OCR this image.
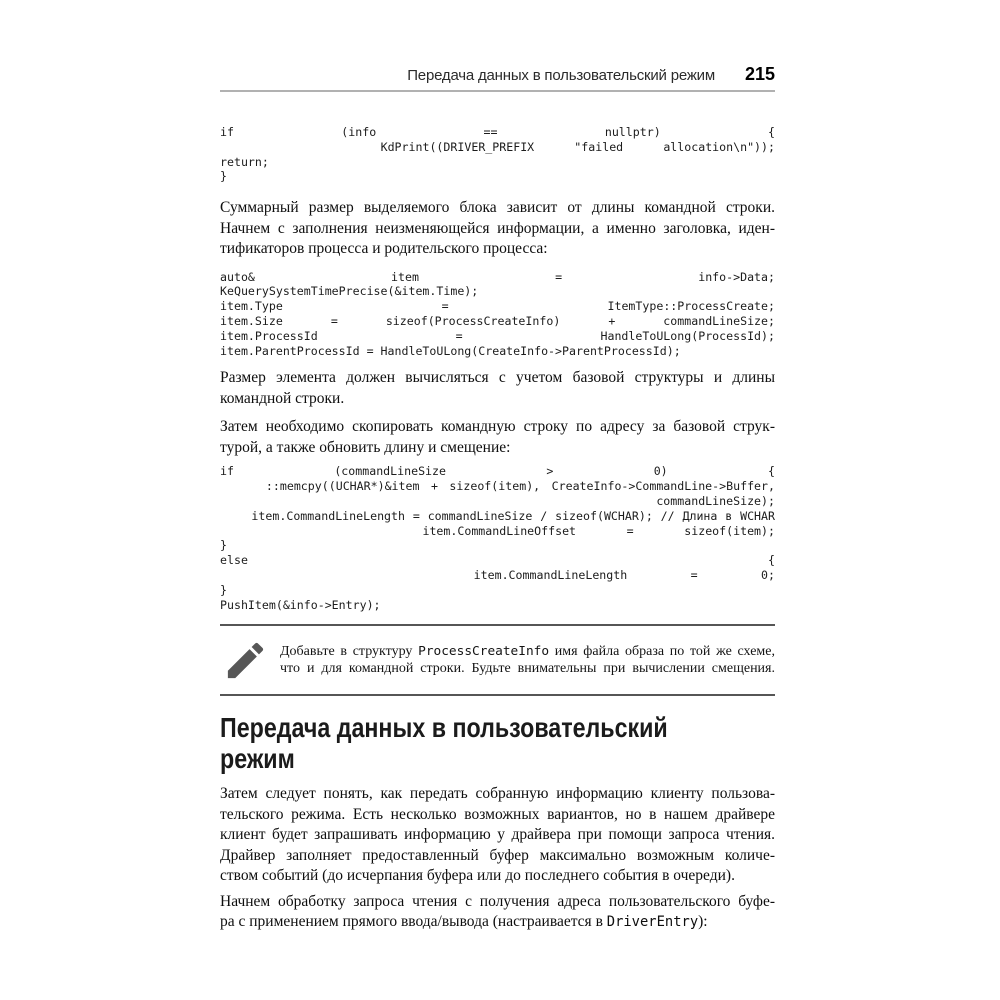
Передача данных в пользовательский режим 215
if (info == nullptr) {
KdPrint((DRIVER_PREFIX "failed allocation\n"));
return;
}
Суммарный размер выделяемого блока зависит от длины командной строки.
Начнем с заполнения неизменяющейся информации, а именно заголовка, иден-
тификаторов процесса и родительского процесса:
auto& item = info->Data;
KeQuerySystemTimePrecise(&item.Time);
item.Type = ItemType::ProcessCreate;
item.Size = sizeof(ProcessCreateInfo) + commandLineSize;
item.ProcessId = HandleToULong(ProcessId);
item.ParentProcessId = HandleToULong(CreateInfo->ParentProcessId);
Размер элемента должен вычисляться с учетом базовой структуры и длины
командной строки.
Затем необходимо скопировать командную строку по адресу за базовой струк-
турой, а также обновить длину и смещение:
if (commandLineSize > 0) {
::memcpy((UCHAR*)&item + sizeof(item), CreateInfo->CommandLine->Buffer,
commandLineSize);
item.CommandLineLength = commandLineSize / sizeof(WCHAR); // Длина в WCHAR
item.CommandLineOffset = sizeof(item);
}
else {
item.CommandLineLength = 0;
}
PushItem(&info->Entry);
Добавьте в структуру ProcessCreateInfo имя файла образа по той же схеме,
что и для командной строки. Будьте внимательны при вычислении смещения.
Передача данных в пользовательский
режим
Затем следует понять, как передать собранную информацию клиенту пользова-
тельского режима. Есть несколько возможных вариантов, но в нашем драйвере
клиент будет запрашивать информацию у драйвера при помощи запроса чтения.
Драйвер заполняет предоставленный буфер максимально возможным количе-
ством событий (до исчерпания буфера или до последнего события в очереди).
Начнем обработку запроса чтения с получения адреса пользовательского буфе-
ра с применением прямого ввода/вывода (настраивается в DriverEntry):
